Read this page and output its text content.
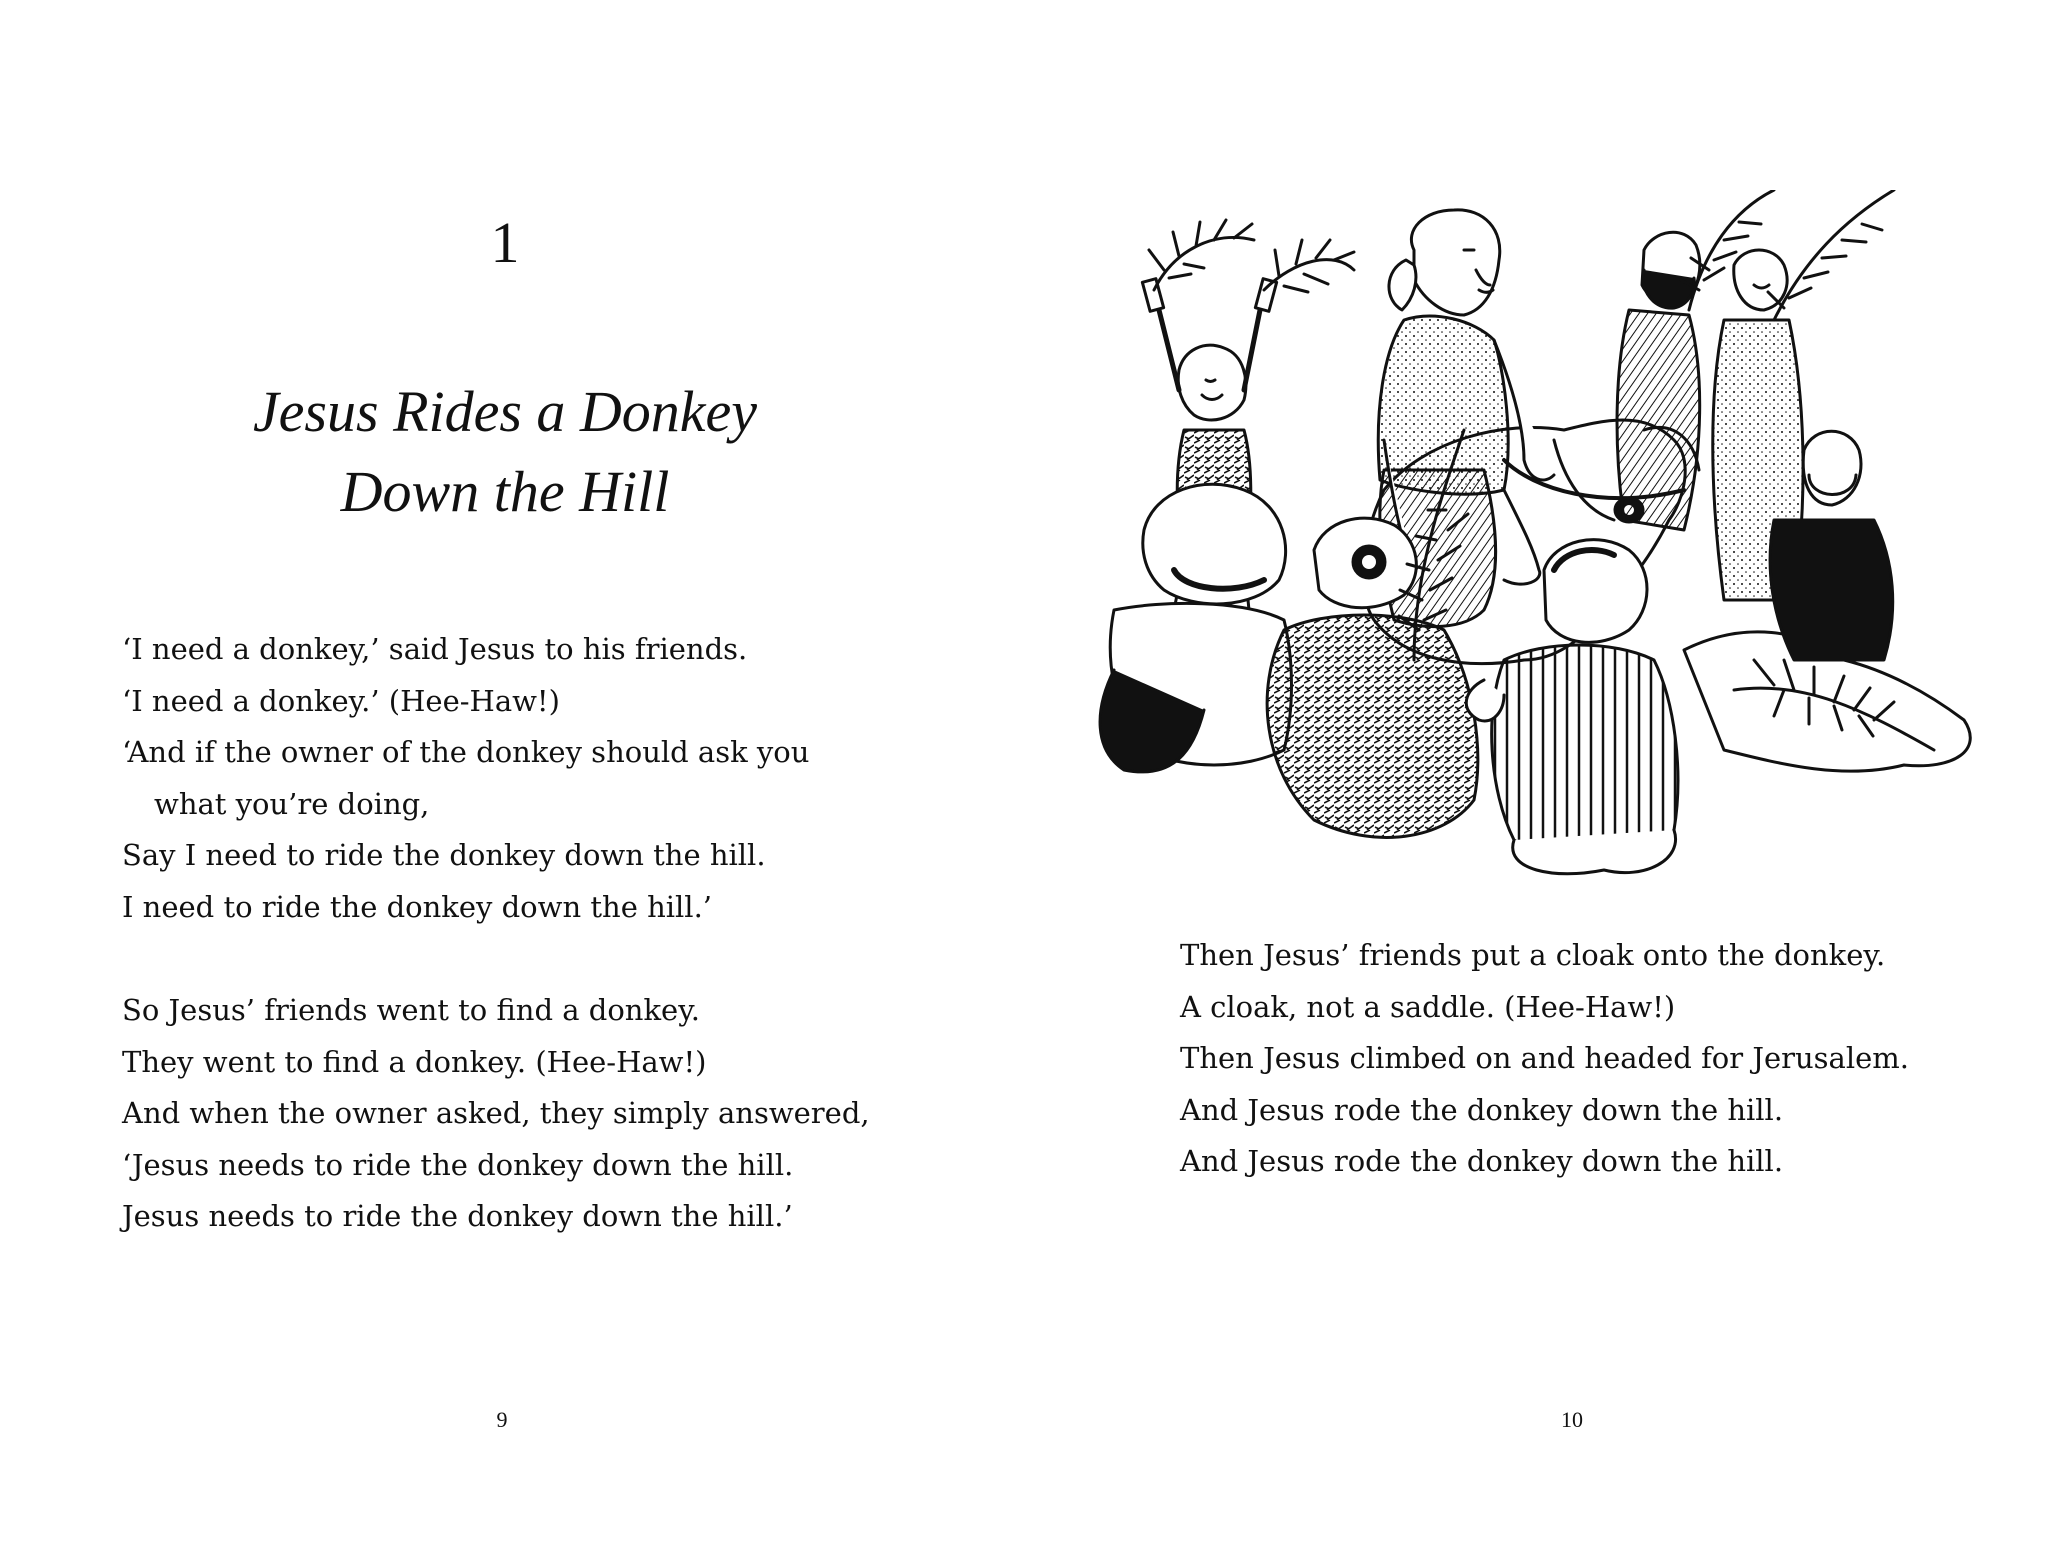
1
Jesus Rides a Donkey
Down the Hill
‘I need a donkey,’ said Jesus to his friends.
‘I need a donkey.’ (Hee-Haw!)
‘And if the owner of the donkey should ask you
what you’re doing,
Say I need to ride the donkey down the hill.
I need to ride the donkey down the hill.’
So Jesus’ friends went to find a donkey.
They went to find a donkey. (Hee-Haw!)
And when the owner asked, they simply answered,
‘Jesus needs to ride the donkey down the hill.
Jesus needs to ride the donkey down the hill.’
9
Then Jesus’ friends put a cloak onto the donkey.
A cloak, not a saddle. (Hee-Haw!)
Then Jesus climbed on and headed for Jerusalem.
And Jesus rode the donkey down the hill.
And Jesus rode the donkey down the hill.
10
